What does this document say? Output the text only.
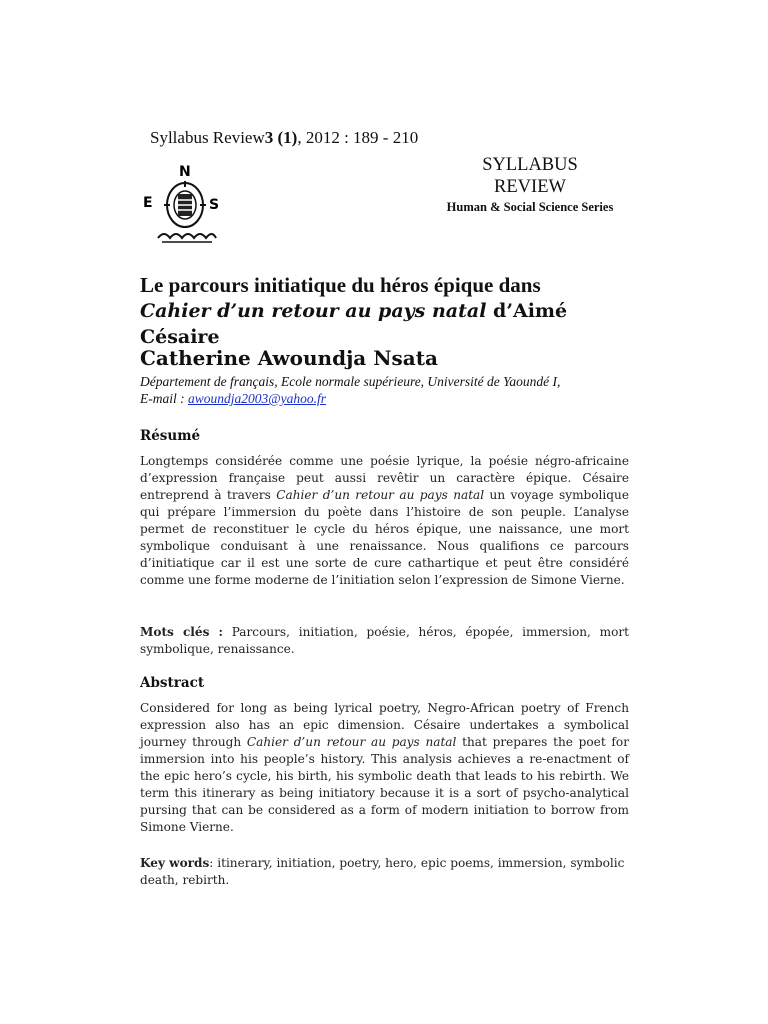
Syllabus Review3 (1), 2012 : 189 - 210
N
E	S
SYLLABUS
REVIEW
Human & Social Science Series
Le parcours initiatique du héros épique dans
Cahier d’un retour au pays natal d’Aimé Césaire
Catherine Awoundja Nsata
Département de français, Ecole normale supérieure, Université de Yaoundé I,
E-mail : awoundja2003@yahoo.fr
Résumé
Longtemps considérée comme une poésie lyrique, la poésie négro-africaine d’expression française peut aussi revêtir un caractère épique. Césaire entreprend à travers Cahier d’un retour au pays natal un voyage symbolique qui prépare l’immersion du poète dans l’histoire de son peuple. L’analyse permet de reconstituer le cycle du héros épique, une naissance, une mort symbolique conduisant à une renaissance. Nous qualifions ce parcours d’initiatique car il est une sorte de cure cathartique et peut être considéré comme une forme moderne de l’initiation selon l’expression de Simone Vierne.
Mots clés : Parcours, initiation, poésie, héros, épopée, immersion, mort symbolique, renaissance.
Abstract
Considered for long as being lyrical poetry, Negro-African poetry of French expression also has an epic dimension. Césaire undertakes a symbolical journey through Cahier d’un retour au pays natal that prepares the poet for immersion into his people’s history. This analysis achieves a re-enactment of the epic hero’s cycle, his birth, his symbolic death that leads to his rebirth. We term this itinerary as being initiatory because it is a sort of psycho-analytical pursing that can be considered as a form of modern initiation to borrow from Simone Vierne.
Key words: itinerary, initiation, poetry, hero, epic poems, immersion, symbolic death, rebirth.
